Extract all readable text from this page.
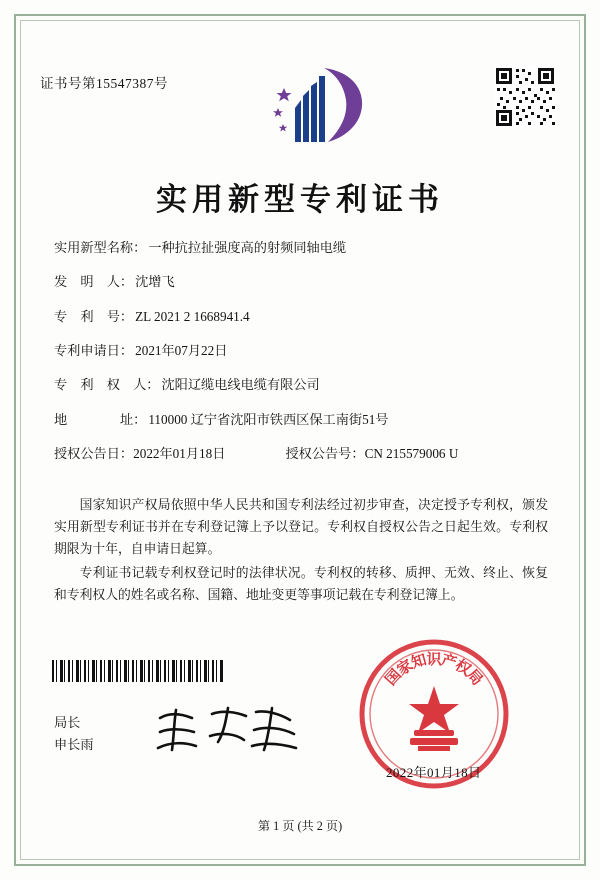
证书号第15547387号
实用新型专利证书
实用新型名称： 一种抗拉扯强度高的射频同轴电缆
发　明　人： 沈增飞
专　利　号： ZL 2021 2 1668941.4
专利申请日： 2021年07月22日
专　利　权　人： 沈阳辽缆电线电缆有限公司
地　　　　址： 110000 辽宁省沈阳市铁西区保工南街51号
授权公告日： 2022年01月18日	授权公告号： CN 215579006 U

国家知识产权局依照中华人民共和国专利法经过初步审查，决定授予专利权，颁发实用新型专利证书并在专利登记簿上予以登记。专利权自授权公告之日起生效。专利权期限为十年，自申请日起算。

专利证书记载专利权登记时的法律状况。专利权的转移、质押、无效、终止、恢复和专利权人的姓名或名称、国籍、地址变更等事项记载在专利登记簿上。

局长
申长雨
国
家
知
识
产
权
局
2022年01月18日
第 1 页 (共 2 页)
